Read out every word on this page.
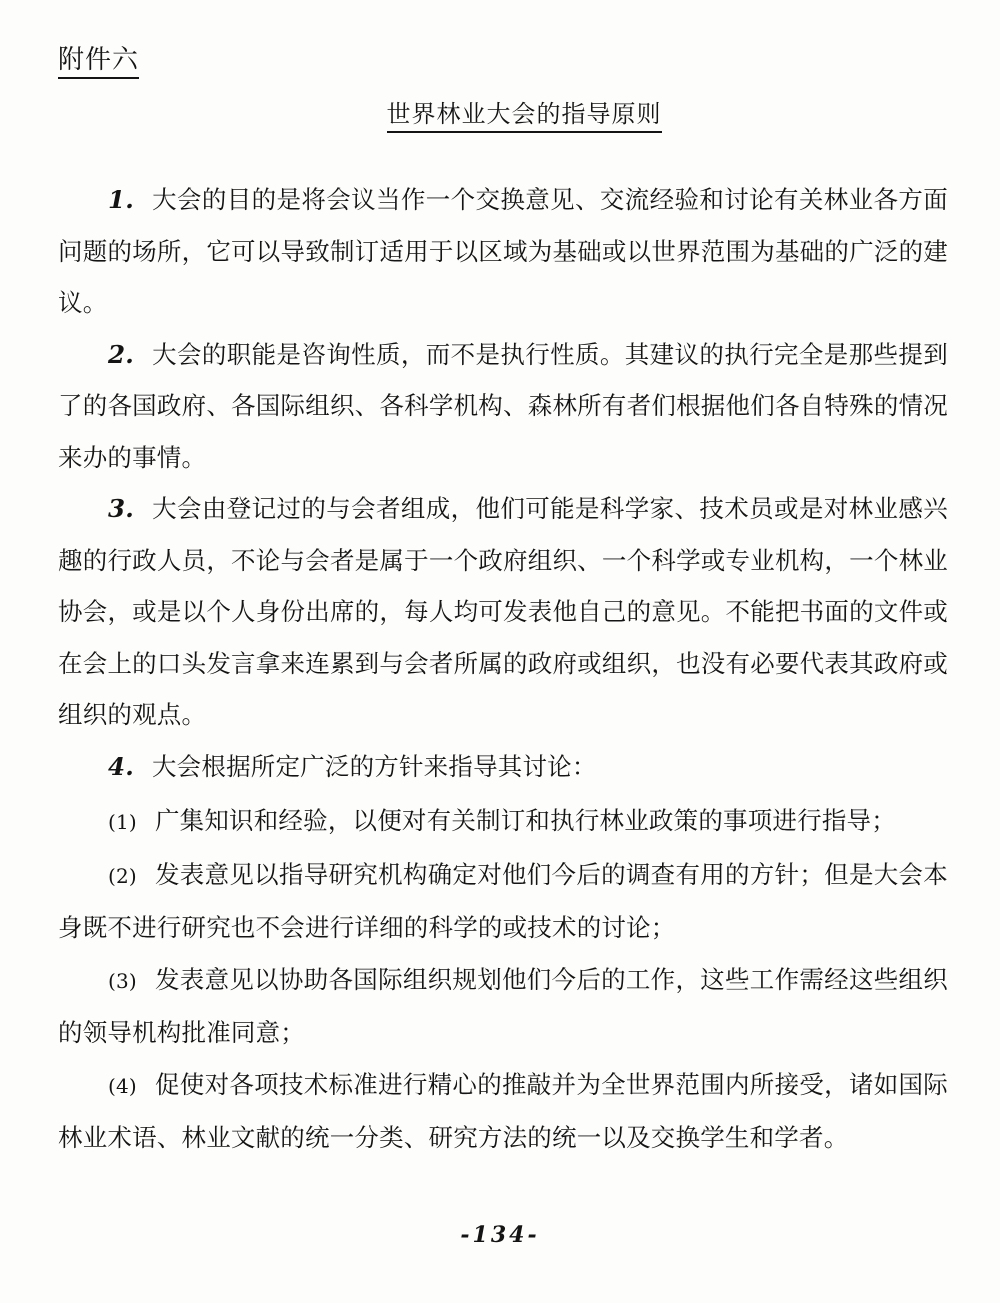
附件六
世界林业大会的指导原则

1. 大会的目的是将会议当作一个交换意见、交流经验和讨论有关林业各方面问题的场所，它可以导致制订适用于以区域为基础或以世界范围为基础的广泛的建议。

2. 大会的职能是咨询性质，而不是执行性质。其建议的执行完全是那些提到了的各国政府、各国际组织、各科学机构、森林所有者们根据他们各自特殊的情况来办的事情。

3. 大会由登记过的与会者组成，他们可能是科学家、技术员或是对林业感兴趣的行政人员，不论与会者是属于一个政府组织、一个科学或专业机构，一个林业协会，或是以个人身份出席的，每人均可发表他自己的意见。不能把书面的文件或在会上的口头发言拿来连累到与会者所属的政府或组织，也没有必要代表其政府或组织的观点。

4. 大会根据所定广泛的方针来指导其讨论：

(1) 广集知识和经验，以便对有关制订和执行林业政策的事项进行指导；

(2) 发表意见以指导研究机构确定对他们今后的调查有用的方针；但是大会本身既不进行研究也不会进行详细的科学的或技术的讨论；

(3) 发表意见以协助各国际组织规划他们今后的工作，这些工作需经这些组织的领导机构批准同意；

(4) 促使对各项技术标准进行精心的推敲并为全世界范围内所接受，诸如国际林业术语、林业文献的统一分类、研究方法的统一以及交换学生和学者。

-134-
